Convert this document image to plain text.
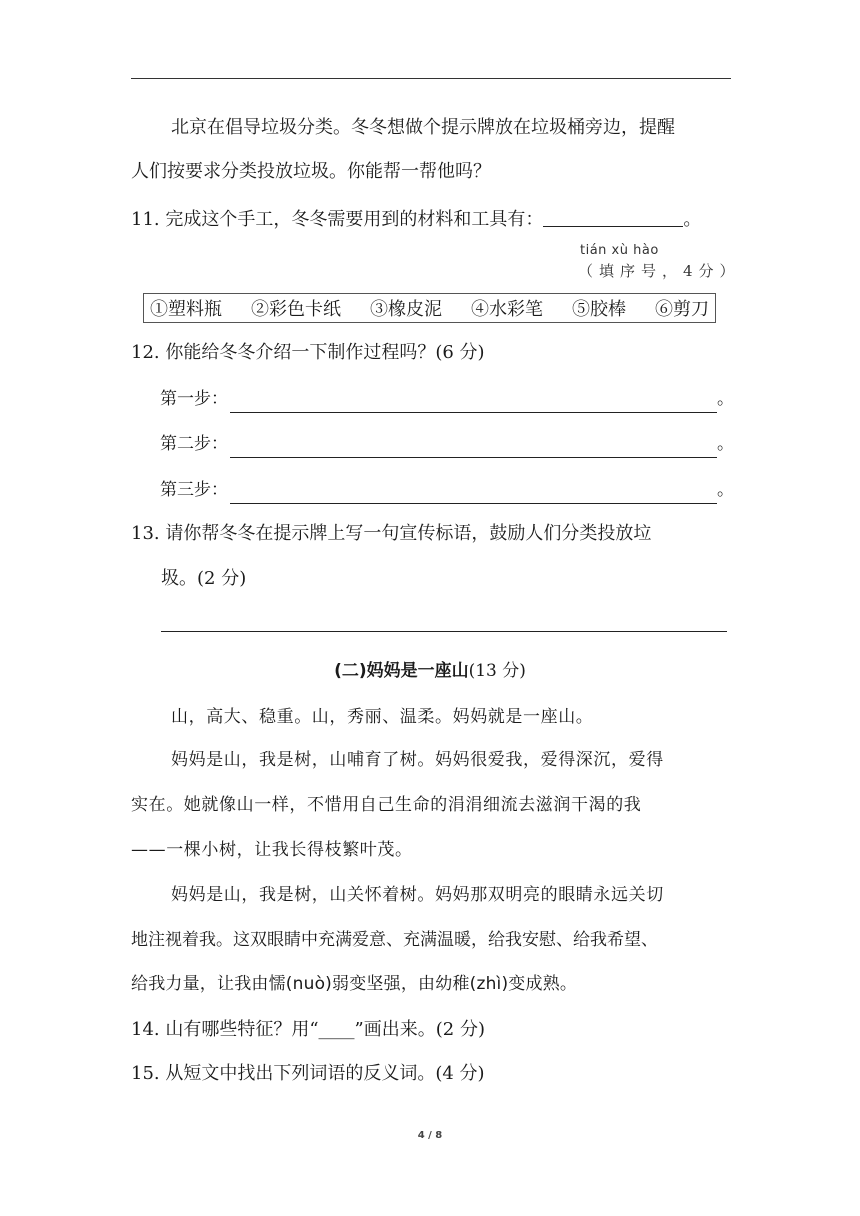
北京在倡导垃圾分类。冬冬想做个提示牌放在垃圾桶旁边，提醒
人们按要求分类投放垃圾。你能帮一帮他吗？
11. 完成这个手工，冬冬需要用到的材料和工具有：	。
tián xù hào
（填序号，4分）
①塑料瓶 ②彩色卡纸 ③橡皮泥 ④水彩笔 ⑤胶棒 ⑥剪刀
12. 你能给冬冬介绍一下制作过程吗？(6 分)
第一步：	。
第二步：	。
第三步：	。
13. 请你帮冬冬在提示牌上写一句宣传标语，鼓励人们分类投放垃
圾。(2 分)
(二)妈妈是一座山(13 分)
山，高大、稳重。山，秀丽、温柔。妈妈就是一座山。
妈妈是山，我是树，山哺育了树。妈妈很爱我，爱得深沉，爱得
实在。她就像山一样，不惜用自己生命的涓涓细流去滋润干渴的我
——一棵小树，让我长得枝繁叶茂。
妈妈是山，我是树，山关怀着树。妈妈那双明亮的眼睛永远关切
地注视着我。这双眼睛中充满爱意、充满温暖，给我安慰、给我希望、
给我力量，让我由懦(nuò)弱变坚强，由幼稚(zhì)变成熟。
14. 山有哪些特征？用“____”画出来。(2 分)
15. 从短文中找出下列词语的反义词。(4 分)
4 / 8
